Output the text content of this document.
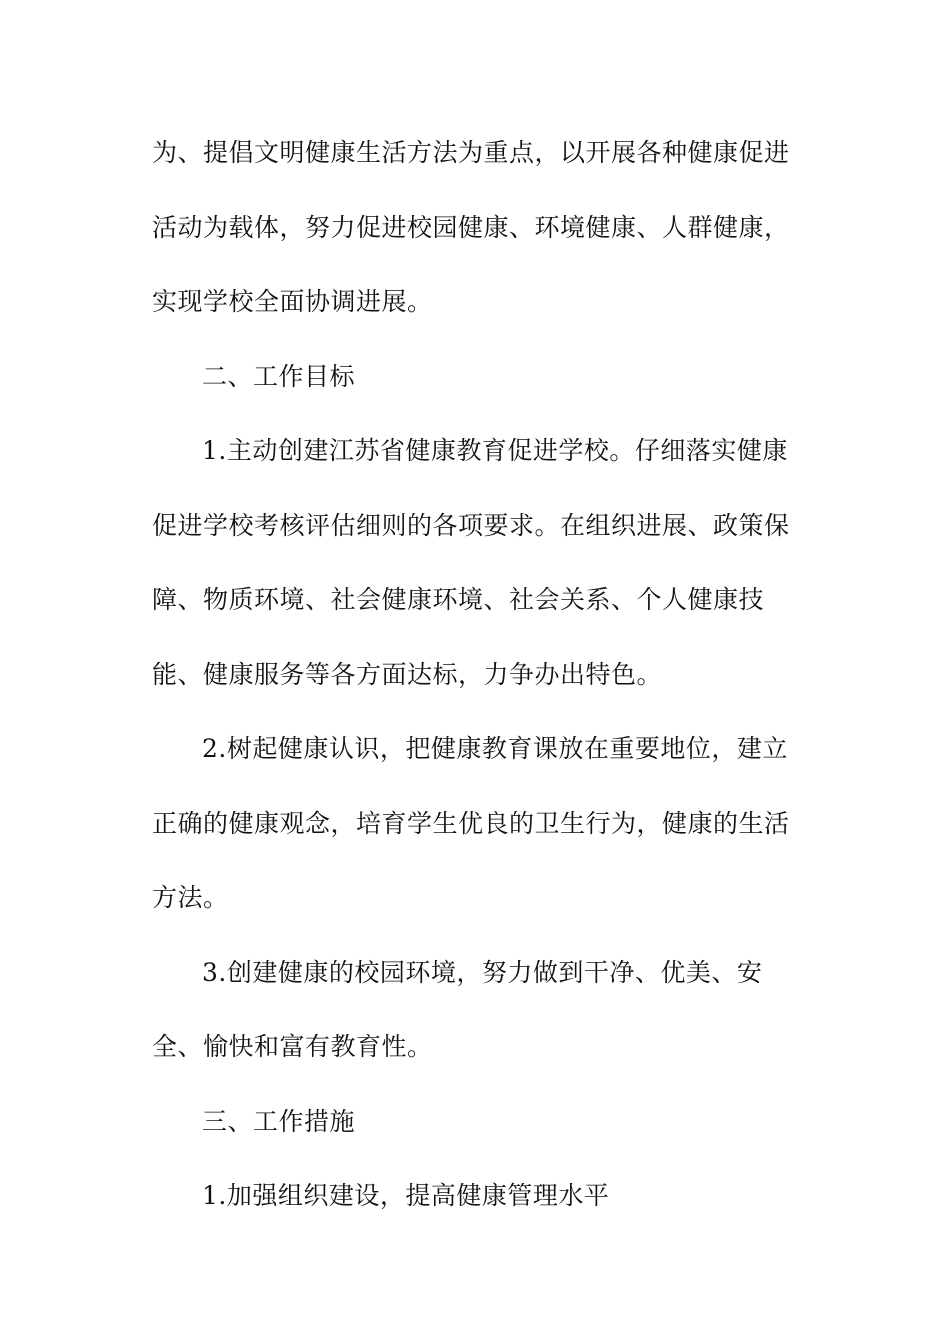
为、提倡文明健康生活方法为重点，以开展各种健康促进
活动为载体，努力促进校园健康、环境健康、人群健康，
实现学校全面协调进展。
二、工作目标
1.主动创建江苏省健康教育促进学校。仔细落实健康
促进学校考核评估细则的各项要求。在组织进展、政策保
障、物质环境、社会健康环境、社会关系、个人健康技
能、健康服务等各方面达标，力争办出特色。
2.树起健康认识，把健康教育课放在重要地位，建立
正确的健康观念，培育学生优良的卫生行为，健康的生活
方法。
3.创建健康的校园环境，努力做到干净、优美、安
全、愉快和富有教育性。
三、工作措施
1.加强组织建设，提高健康管理水平
